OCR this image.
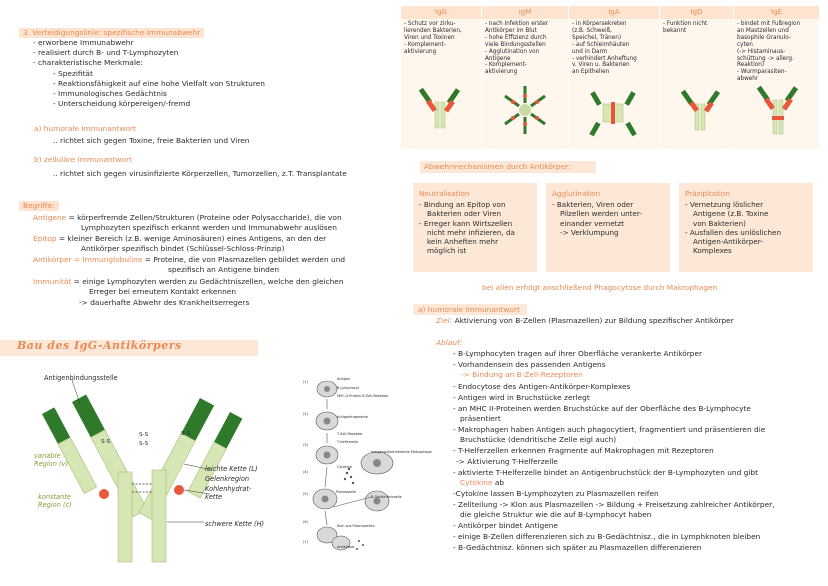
3. Verteidigungslinie: spezifische Immunabwehr
- erworbene Immunabwehr
- realisiert durch B- und T-Lymphozyten
- charakteristische Merkmale:
- Spezifität
- Reaktionsfähigkeit auf eine hohe Vielfalt von Strukturen
- Immunologisches Gedächtnis
- Unterscheidung körpereigen/-fremd
a) humorale Immunantwort
.. richtet sich gegen Toxine, freie Bakterien und Viren
b) zelluläre Immunantwort
.. richtet sich gegen virusinfizierte Körperzellen, Tumorzellen, z.T. Transplantate
Begriffe:
Antigene = körperfremde Zellen/Strukturen (Proteine oder Polysaccharide), die von
Lymphozyten spezifisch erkannt werden und Immunabwehr auslösen
Epitop = kleiner Bereich (z.B. wenige Aminosäuren) eines Antigens, an den der
Antikörper spezifisch bindet (Schlüssel-Schloss-Prinzip)
Antikörper = Immunglobuline = Proteine, die von Plasmazellen gebildet werden und
spezifisch an Antigene binden
Immunität = einige Lymphozyten werden zu Gedächtniszellen, welche den gleichen
Erreger bei erneutem Kontakt erkennen
-> dauerhafte Abwehr des Krankheitserregers
Bau des IgG-Antikörpers
Antigenbindungsstelle
S-S
S-S
S-S
S-S
variable
Region (v)
konstante
Region (c)
leichte Kette (L)
Gelenkregion
Kohlenhydrat-
kette
schwere Kette (H)
Antigen
B-Lymphozyt
MHC-II-Protein B-Zell-Rezeptor
Antigenfragmente
T-Zell-Rezeptor
T-Helferzelle
Cytokine
antigenpräsentierende Makrophage
Plasmazelle
B-Gedächtniszelle
Klon aus Plasmazellen
Antikörper
(1)
(2)
(3)
(4)
(5)
(6)
(7)
IgG
- Schutz vor zirku-
lierenden Bakterien,
Viren und Toxinen
- Komplement-
aktivierung
IgM
- nach Infektion erster
Antikörper im Blut
- hohe Effizienz durch
viele Bindungsstellen
- Agglutination von
Antigene
- Komplement-
aktivierung
IgA
- in Körpersekreten
(z.B. Schweiß,
Speichel, Tränen)
- auf Schleimhäuten
und in Darm
- verhindert Anheftung
v. Viren u. Bakterien
an Epithelien
IgD
- Funktion nicht
bekannt
IgE
- bindet mit Fußregion
an Mastzellen und
basophile Granulo-
cyten
(-> Histaminaus-
schüttung -> allerg.
Reaktion)
- Wurmparasiten-
abwehr
Abwehrmechanismen durch Antikörper:
Neutralisation
- Bindung an Epitop von
Bakterien oder Viren
- Erreger kann Wirtszellen
nicht mehr infizieren, da
kein Anheften mehr
möglich ist
Agglutination
- Bakterien, Viren oder
Pilzellen werden unter-
einander vernetzt
-> Verklumpung
Präzipitation
- Vernetzung löslicher
Antigene (z.B. Toxine
von Bakterien)
- Ausfallen des unlöslichen
Antigen-Antikörper-
Komplexes
bei allen erfolgt anschließend Phagocytose durch Makrophagen
a) humorale Immunantwort
Ziel: Aktivierung von B-Zellen (Plasmazellen) zur Bildung spezifischer Antikörper
Ablauf:
- B-Lymphocyten tragen auf ihrer Oberfläche verankerte Antikörper
- Vorhandensein des passenden Antigens
-> Bindung an B-Zell-Rezeptoren
- Endocytose des Antigen-Antikörper-Komplexes
- Antigen wird in Bruchstücke zerlegt
- an MHC II-Proteinen werden Bruchstücke auf der Oberfläche des B-Lymphocyte
präsentiert
- Makrophagen haben Antigen auch phagocytiert, fragmentiert und präsentieren die
Bruchstücke (dendritische Zelle eigl auch)
- T-Helferzellen erkennen Fragmente auf Makrophagen mit Rezeptoren
-> Aktivierung T-Helferzelle
- aktivierte T-Helferzelle bindet an Antigenbruchstück der B-Lymphozyten und gibt
Cytokine ab
-Cytokine lassen B-Lymphozyten zu Plasmazellen reifen
- Zellteilung -> Klon aus Plasmazellen -> Bildung + Freisetzung zahlreicher Antikörper,
die gleiche Struktur wie die auf B-Lymphocyt haben
- Antikörper bindet Antigene
- einige B-Zellen differenzieren sich zu B-Gedächtnisz., die in Lymphknoten bleiben
- B-Gedächtnisz. können sich später zu Plasmazellen differenzieren
